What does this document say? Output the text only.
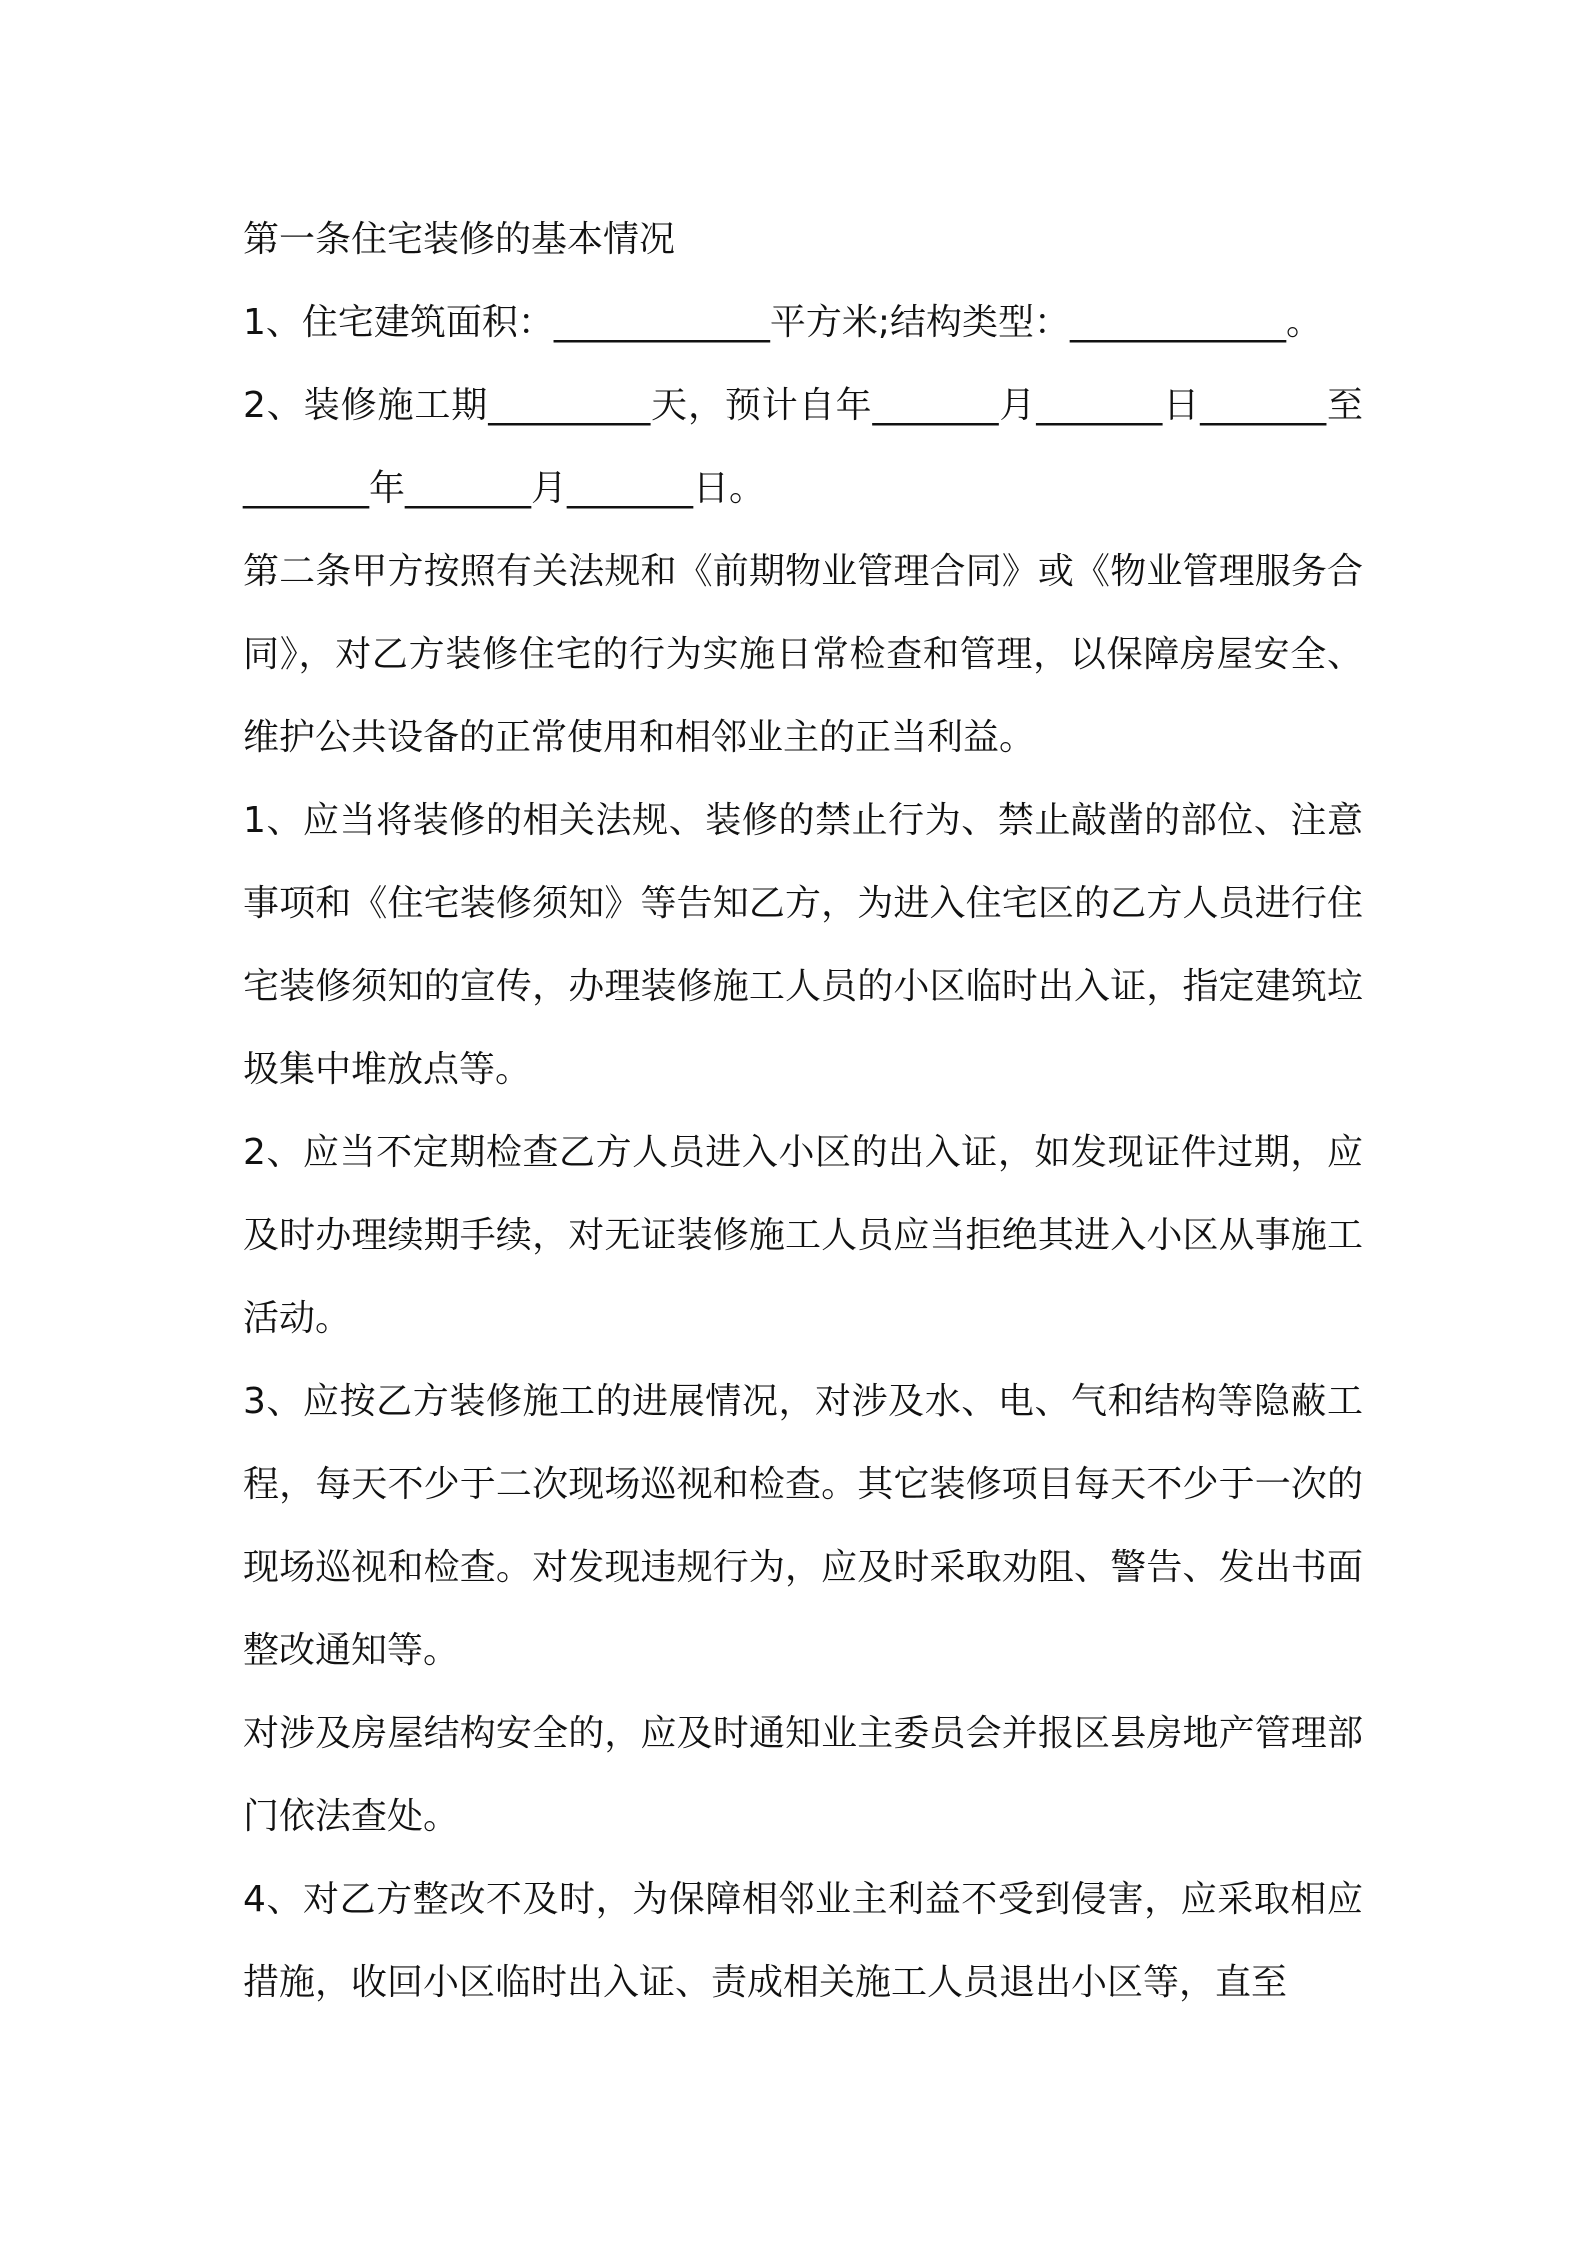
第一条住宅装修的基本情况

1、住宅建筑面积：____________平方米;结构类型：____________。

2、装修施工期_________天，预计自年_______月_______日_______至_______年_______月_______日。

第二条甲方按照有关法规和《前期物业管理合同》或《物业管理服务合同》，对乙方装修住宅的行为实施日常检查和管理，以保障房屋安全、维护公共设备的正常使用和相邻业主的正当利益。

1、应当将装修的相关法规、装修的禁止行为、禁止敲凿的部位、注意事项和《住宅装修须知》等告知乙方，为进入住宅区的乙方人员进行住宅装修须知的宣传，办理装修施工人员的小区临时出入证，指定建筑垃圾集中堆放点等。

2、应当不定期检查乙方人员进入小区的出入证，如发现证件过期，应及时办理续期手续，对无证装修施工人员应当拒绝其进入小区从事施工活动。

3、应按乙方装修施工的进展情况，对涉及水、电、气和结构等隐蔽工程，每天不少于二次现场巡视和检查。其它装修项目每天不少于一次的现场巡视和检查。对发现违规行为，应及时采取劝阻、警告、发出书面整改通知等。

对涉及房屋结构安全的，应及时通知业主委员会并报区县房地产管理部门依法查处。

4、对乙方整改不及时，为保障相邻业主利益不受到侵害，应采取相应措施，收回小区临时出入证、责成相关施工人员退出小区等，直至
